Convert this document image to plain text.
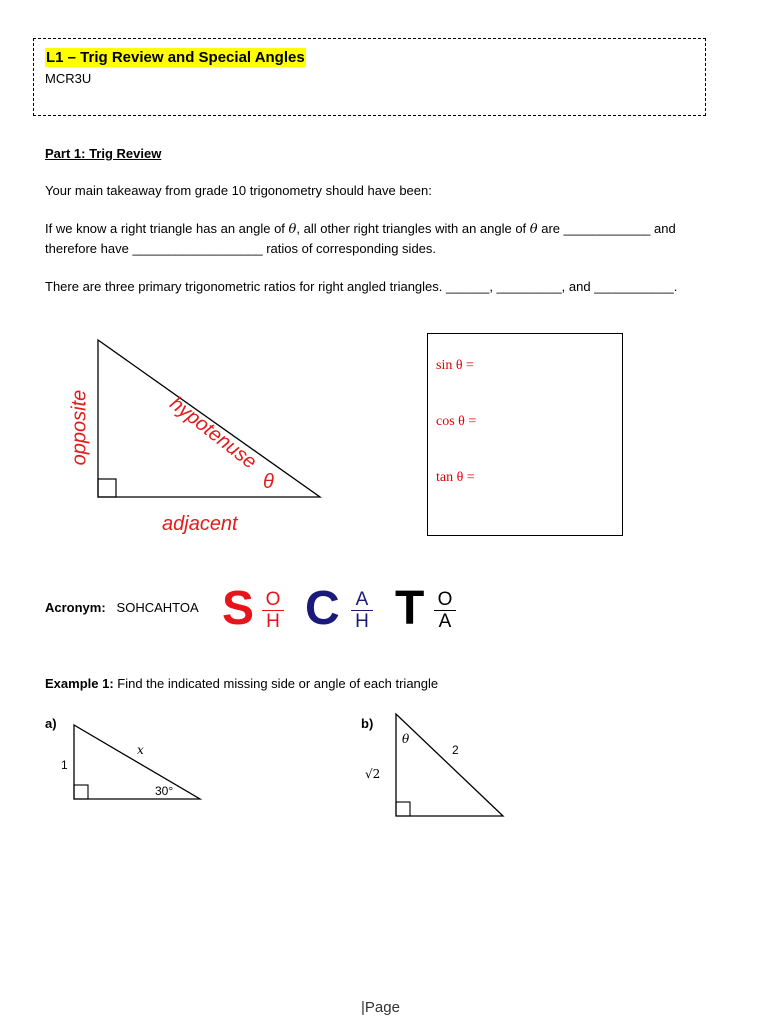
L1 – Trig Review and Special Angles
MCR3U
Part 1: Trig Review
Your main takeaway from grade 10 trigonometry should have been:
If we know a right triangle has an angle of θ, all other right triangles with an angle of θ are ____________ and
therefore have __________________ ratios of corresponding sides.
There are three primary trigonometric ratios for right angled triangles. ______, _________, and ___________.
opposite	hypotenuse
adjacent
θ
sin θ =
cos θ =
tan θ =
Acronym: SOHCAHTOA S $\frac{O}{H}$ C $\frac{A}{H}$ T $\frac{O}{A}$
Example 1: Find the indicated missing side or angle of each triangle
a)
1
x
30°
b)
θ
2
√2
|Page
